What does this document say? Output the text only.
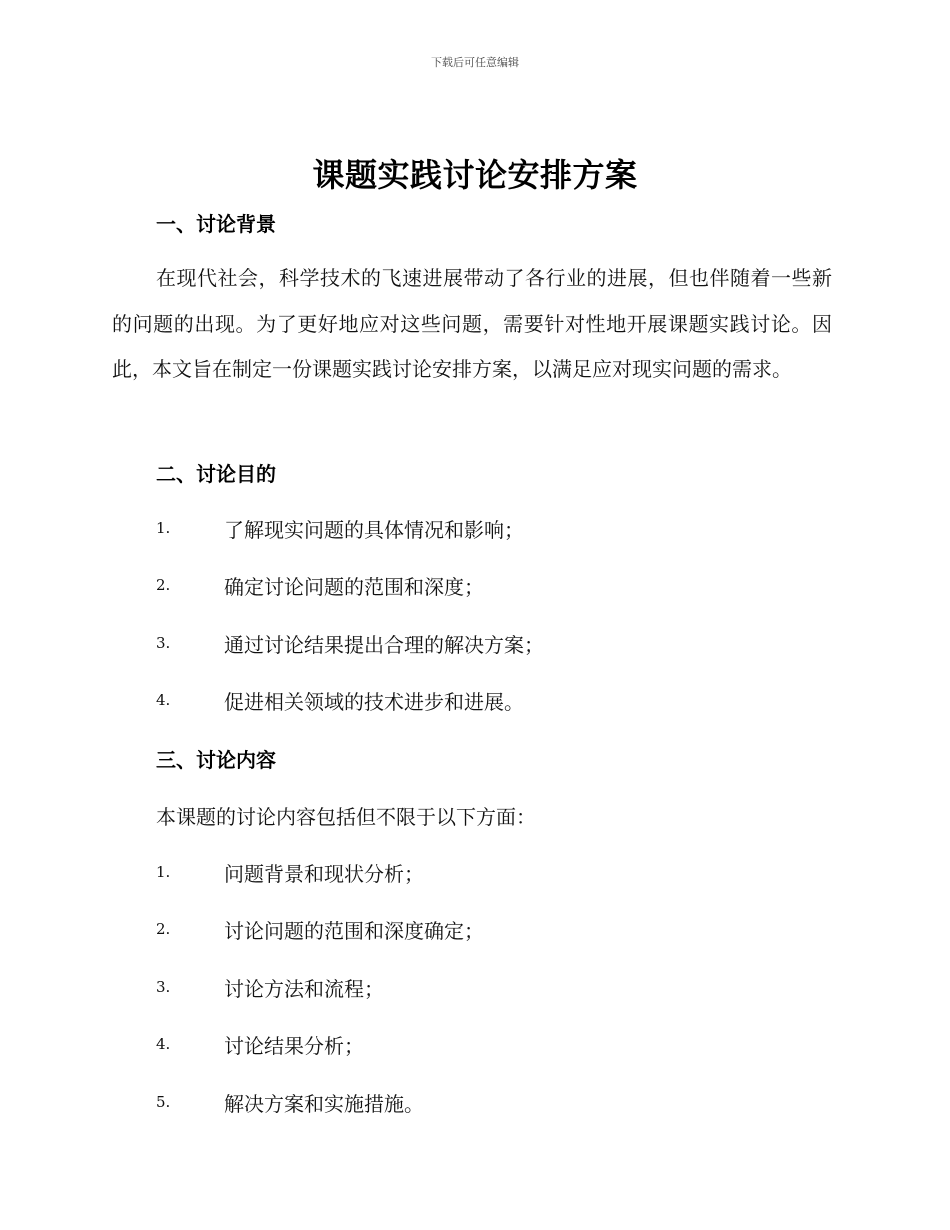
下载后可任意编辑
课题实践讨论安排方案
一、讨论背景
在现代社会，科学技术的飞速进展带动了各行业的进展，但也伴随着一些新的问题的出现。为了更好地应对这些问题，需要针对性地开展课题实践讨论。因此，本文旨在制定一份课题实践讨论安排方案，以满足应对现实问题的需求。
二、讨论目的
1.	了解现实问题的具体情况和影响；
2.	确定讨论问题的范围和深度；
3.	通过讨论结果提出合理的解决方案；
4.	促进相关领域的技术进步和进展。
三、讨论内容
本课题的讨论内容包括但不限于以下方面：
1.	问题背景和现状分析；
2.	讨论问题的范围和深度确定；
3.	讨论方法和流程；
4.	讨论结果分析；
5.	解决方案和实施措施。
